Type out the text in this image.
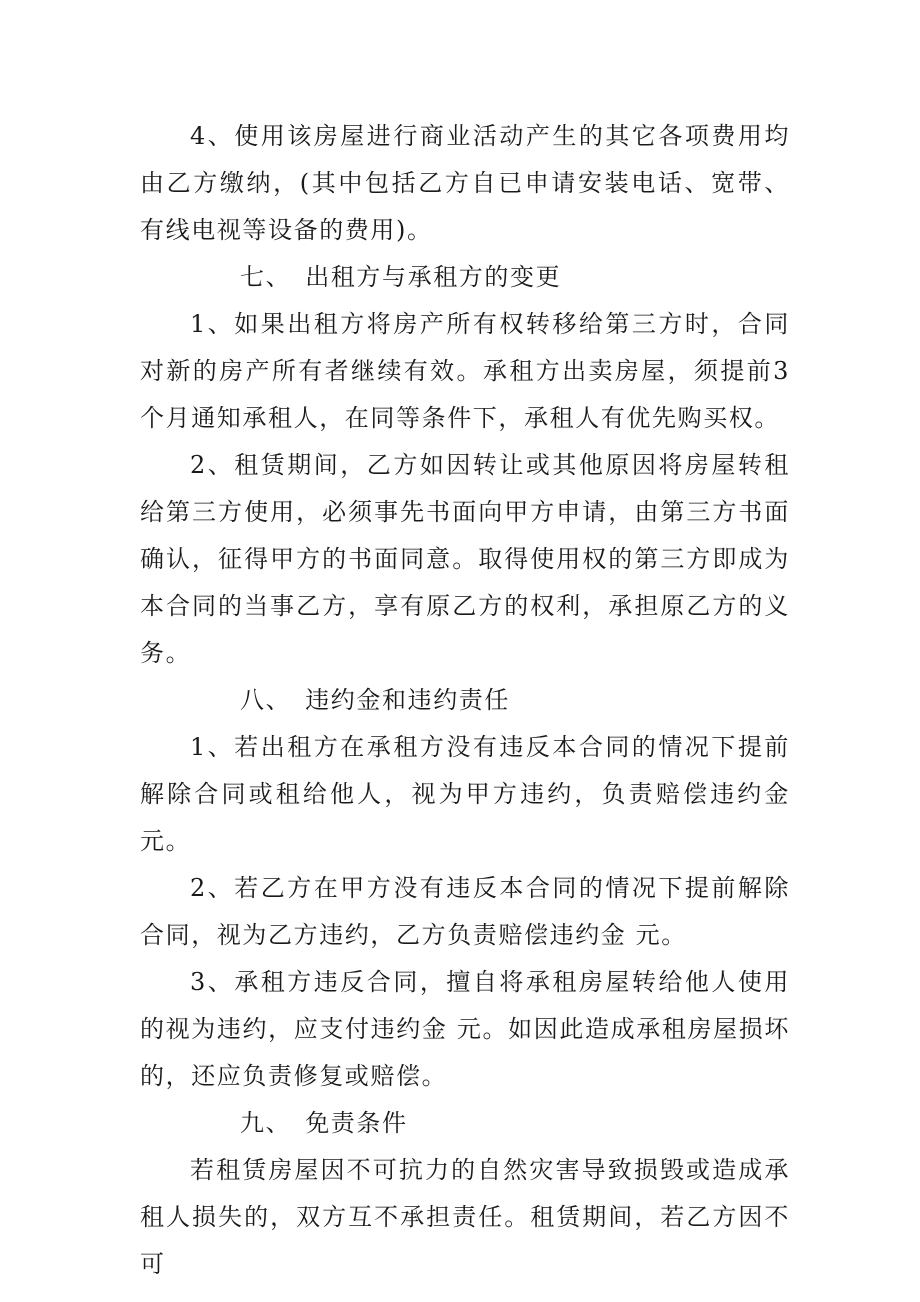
4、使用该房屋进行商业活动产生的其它各项费用均由乙方缴纳，(其中包括乙方自已申请安装电话、宽带、有线电视等设备的费用)。

七、 出租方与承租方的变更

1、如果出租方将房产所有权转移给第三方时，合同对新的房产所有者继续有效。承租方出卖房屋，须提前3个月通知承租人，在同等条件下，承租人有优先购买权。

2、租赁期间，乙方如因转让或其他原因将房屋转租给第三方使用，必须事先书面向甲方申请，由第三方书面确认，征得甲方的书面同意。取得使用权的第三方即成为本合同的当事乙方，享有原乙方的权利，承担原乙方的义务。

八、 违约金和违约责任

1、若出租方在承租方没有违反本合同的情况下提前解除合同或租给他人，视为甲方违约，负责赔偿违约金 元。

2、若乙方在甲方没有违反本合同的情况下提前解除合同，视为乙方违约，乙方负责赔偿违约金 元。

3、承租方违反合同，擅自将承租房屋转给他人使用的视为违约，应支付违约金 元。如因此造成承租房屋损坏的，还应负责修复或赔偿。

九、 免责条件

若租赁房屋因不可抗力的自然灾害导致损毁或造成承租人损失的，双方互不承担责任。租赁期间，若乙方因不可
